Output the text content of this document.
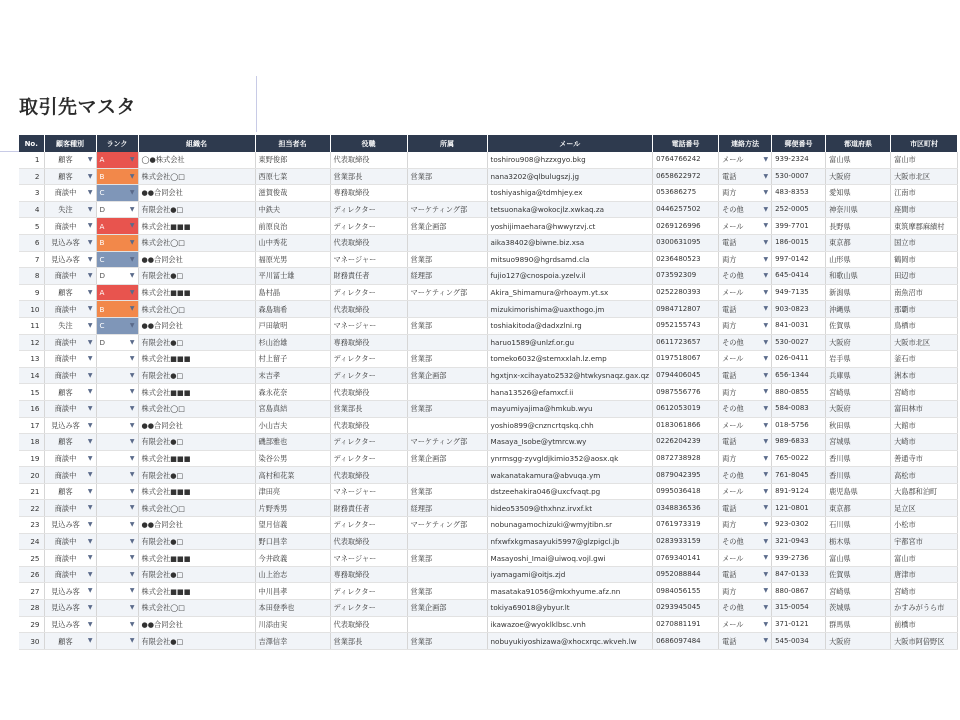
取引先マスタ
No.	顧客種別	ランク	組織名	担当者名	役職	所属	メール	電話番号	連絡方法	郵便番号	都道府県	市区町村
1	顧客 ▼	A ▼	◯●株式会社	東野俊郎	代表取締役		toshirou908@hzzxgyo.bkg	0764766242	メール ▼	939-2324	富山県	富山市
2	顧客 ▼	B ▼	株式会社◯□	西原七菜	営業部長	営業部	nana3202@qlbulugszj.jg	0658622972	電話 ▼	530-0007	大阪府	大阪市北区
3	商談中 ▼	C ▼	●●合同会社	滋賀俊哉	専務取締役		toshiyashiga@tdmhjey.ex	053686275	両方 ▼	483-8353	愛知県	江南市
4	失注 ▼	D ▼	有限会社●□	中鉄夫	ディレクター	マーケティング部	tetsuonaka@wokocjlz.xwkaq.za	0446257502	その他 ▼	252-0005	神奈川県	座間市
5	商談中 ▼	A ▼	株式会社■■■	前原良治	ディレクター	営業企画部	yoshijimaehara@hwwyrzvj.ct	0269126996	メール ▼	399-7701	長野県	東筑摩郡麻績村
6	見込み客 ▼	B ▼	株式会社◯□	山中秀花	代表取締役		aika38402@biwne.biz.xsa	0300631095	電話 ▼	186-0015	東京都	国立市
7	見込み客 ▼	C ▼	●●合同会社	福原光男	マネージャー	営業部	mitsuo9890@hgrdsamd.cla	0236480523	両方 ▼	997-0142	山形県	鶴岡市
8	商談中 ▼	D ▼	有限会社●□	平川冨士雄	財務責任者	経理部	fujio127@cnospoia.yzelv.il	073592309	その他 ▼	645-0414	和歌山県	田辺市
9	顧客 ▼	A ▼	株式会社■■■	島村晶	ディレクター	マーケティング部	Akira_Shimamura@rhoaym.yt.sx	0252280393	メール ▼	949-7135	新潟県	南魚沼市
10	商談中 ▼	B ▼	株式会社◯□	森島瑞希	代表取締役		mizukimorishima@uaxthogo.jm	0984712807	電話 ▼	903-0823	沖縄県	那覇市
11	失注 ▼	C ▼	●●合同会社	戸田敏明	マネージャー	営業部	toshiakitoda@dadxzlni.rg	0952155743	両方 ▼	841-0031	佐賀県	鳥栖市
12	商談中 ▼	D ▼	有限会社●□	杉山治雄	専務取締役		haruo1589@unlzf.or.gu	0611723657	その他 ▼	530-0027	大阪府	大阪市北区
13	商談中 ▼	▼	株式会社■■■	村上留子	ディレクター	営業部	tomeko6032@stemxxlah.lz.emp	0197518067	メール ▼	026-0411	岩手県	釜石市
14	商談中 ▼	▼	有限会社●□	末吉孝	ディレクター	営業企画部	hgxtjnx-xcihayato2532@htwkysnaqz.gax.qz	0794406045	電話 ▼	656-1344	兵庫県	洲本市
15	顧客 ▼	▼	株式会社■■■	森永花奈	代表取締役		hana13526@efamxcf.ii	0987556776	両方 ▼	880-0855	宮崎県	宮崎市
16	商談中 ▼	▼	株式会社◯□	宮島真結	営業部長	営業部	mayumiyajima@hmkub.wyu	0612053019	その他 ▼	584-0083	大阪府	富田林市
17	見込み客 ▼	▼	●●合同会社	小山吉夫	代表取締役		yoshio899@cnzncrtqskq.chh	0183061866	メール ▼	018-5756	秋田県	大館市
18	顧客 ▼	▼	有限会社●□	磯部雅也	ディレクター	マーケティング部	Masaya_Isobe@ytmrcw.wy	0226204239	電話 ▼	989-6833	宮城県	大崎市
19	商談中 ▼	▼	株式会社■■■	染谷公男	ディレクター	営業企画部	ynrmsgg-zyvgldjkimio352@aosx.qk	0872738928	両方 ▼	765-0022	香川県	善通寺市
20	商談中 ▼	▼	有限会社●□	高村和花菜	代表取締役		wakanatakamura@abvuqa.ym	0879042395	その他 ▼	761-8045	香川県	高松市
21	顧客 ▼	▼	株式会社■■■	津田亮	マネージャー	営業部	dstzeehakira046@uxcfvaqt.pg	0995036418	メール ▼	891-9124	鹿児島県	大島郡和泊町
22	商談中 ▼	▼	株式会社◯□	片野秀男	財務責任者	経理部	hideo53509@thxhnz.irvxf.kt	0348836536	電話 ▼	121-0801	東京都	足立区
23	見込み客 ▼	▼	●●合同会社	望月信義	ディレクター	マーケティング部	nobunagamochizuki@wmyjtibn.sr	0761973319	両方 ▼	923-0302	石川県	小松市
24	商談中 ▼	▼	有限会社●□	野口昌幸	代表取締役		nfxwfxkgmasayuki5997@glzpigcl.jb	0283933159	その他 ▼	321-0943	栃木県	宇都宮市
25	商談中 ▼	▼	株式会社■■■	今井政義	マネージャー	営業部	Masayoshi_Imai@uiwoq.vojl.gwi	0769340141	メール ▼	939-2736	富山県	富山市
26	商談中 ▼	▼	有限会社●□	山上治志	専務取締役		iyamagami@oitjs.zjd	0952088844	電話 ▼	847-0133	佐賀県	唐津市
27	見込み客 ▼	▼	株式会社■■■	中川昌孝	ディレクター	営業部	masataka91056@mkxhyume.afz.nn	0984056155	両方 ▼	880-0867	宮崎県	宮崎市
28	見込み客 ▼	▼	株式会社◯□	本田登季也	ディレクター	営業企画部	tokiya69018@ybyur.lt	0293945045	その他 ▼	315-0054	茨城県	かすみがうら市
29	見込み客 ▼	▼	●●合同会社	川添由実	代表取締役		ikawazoe@wyoklklbsc.vnh	0270881191	メール ▼	371-0121	群馬県	前橋市
30	顧客 ▼	▼	有限会社●□	吉澤信幸	営業部長	営業部	nobuyukiyoshizawa@xhocxrqc.wkveh.lw	0686097484	電話 ▼	545-0034	大阪府	大阪市阿倍野区
